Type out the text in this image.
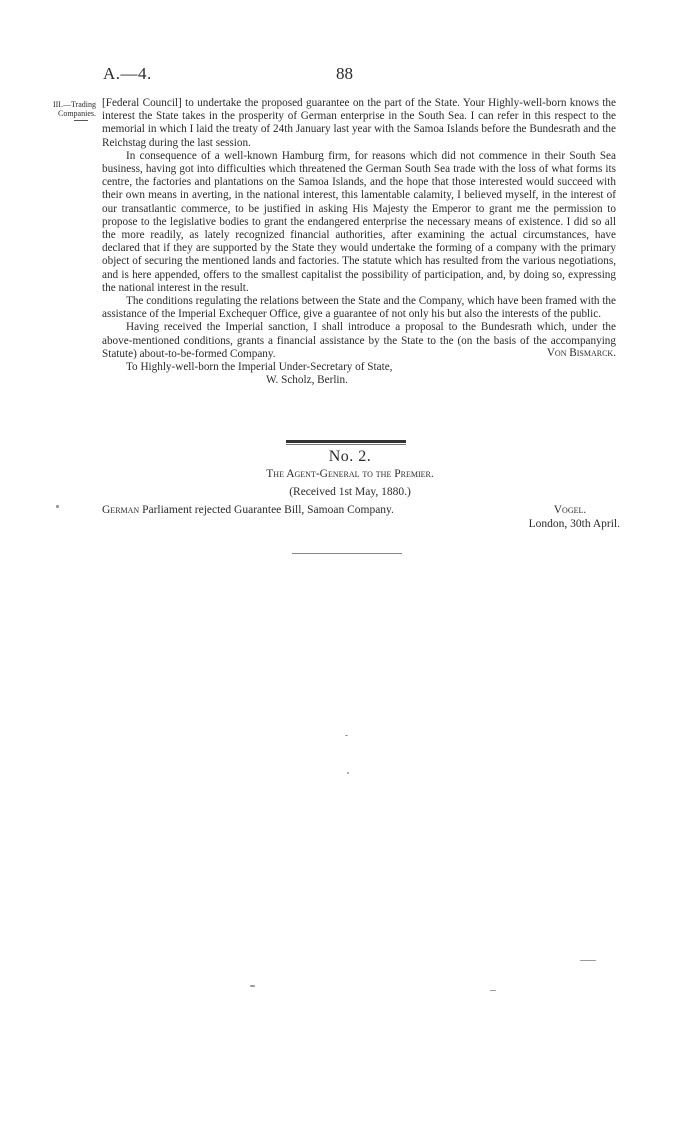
A.—4.	88
III.—Trading
Companies.

[Federal Council] to undertake the proposed guarantee on the part of the State. Your Highly-well-born knows the interest the State takes in the prosperity of German enterprise in the South Sea. I can refer in this respect to the memorial in which I laid the treaty of 24th January last year with the Samoa Islands before the Bundesrath and the Reichstag during the last session.

In consequence of a well-known Hamburg firm, for reasons which did not commence in their South Sea business, having got into difficulties which threatened the German South Sea trade with the loss of what forms its centre, the factories and plantations on the Samoa Islands, and the hope that those interested would succeed with their own means in averting, in the national interest, this lamentable calamity, I believed myself, in the interest of our transatlantic commerce, to be justified in asking His Majesty the Emperor to grant me the permission to propose to the legislative bodies to grant the endangered enterprise the necessary means of existence. I did so all the more readily, as lately recognized financial authorities, after examining the actual circumstances, have declared that if they are supported by the State they would undertake the forming of a company with the primary object of securing the mentioned lands and factories. The statute which has resulted from the various negotiations, and is here appended, offers to the smallest capitalist the possibility of participation, and, by doing so, expressing the national interest in the result.

The conditions regulating the relations between the State and the Company, which have been framed with the assistance of the Imperial Exchequer Office, give a guarantee of not only his but also the interests of the public.

Having received the Imperial sanction, I shall introduce a proposal to the Bundesrath which, under the above-mentioned conditions, grants a financial assistance by the State to the (on the basis of the accompanying Statute) about-to-be-formed Company.	Von Bismarck.

To Highly-well-born the Imperial Under-Secretary of State,

W. Scholz, Berlin.

No. 2.
The Agent-General to the Premier.
(Received 1st May, 1880.)
German Parliament rejected Guarantee Bill, Samoan Company.	Vogel.
London, 30th April.
